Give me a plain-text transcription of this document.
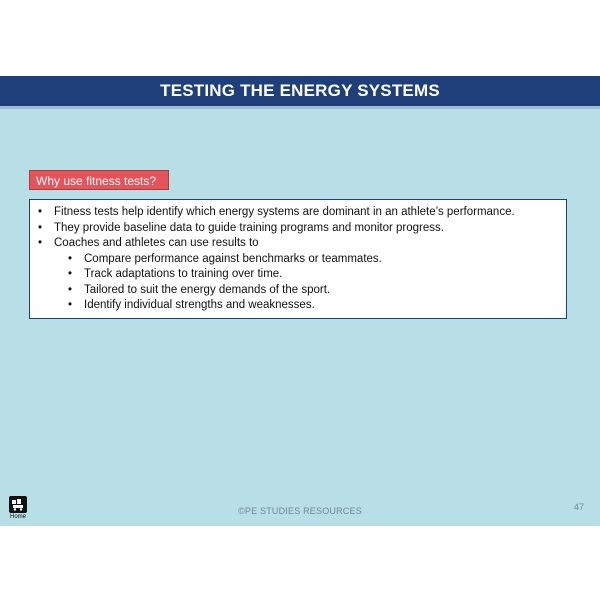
TESTING THE ENERGY SYSTEMS
Why use fitness tests?
• Fitness tests help identify which energy systems are dominant in an athlete’s performance.
• They provide baseline data to guide training programs and monitor progress.
• Coaches and athletes can use results to
• Compare performance against benchmarks or teammates.
• Track adaptations to training over time.
• Tailored to suit the energy demands of the sport.
• Identify individual strengths and weaknesses.
Home
©PE STUDIES RESOURCES	47
